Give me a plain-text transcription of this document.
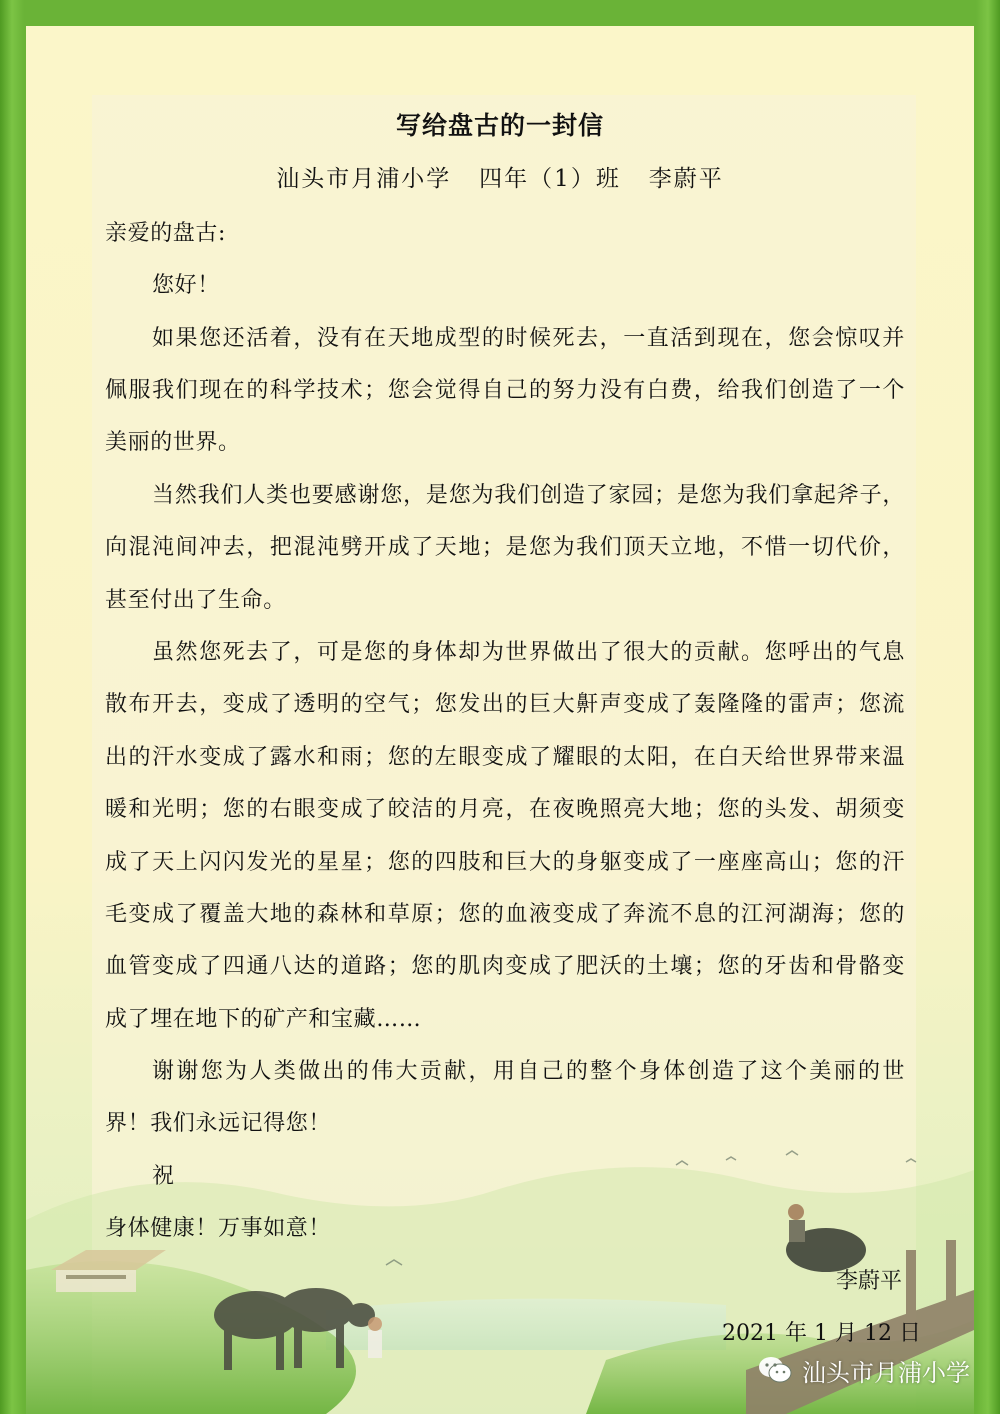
写给盘古的一封信
汕头市月浦小学   四年（1）班   李蔚平
亲爱的盘古:
您好！
如果您还活着，没有在天地成型的时候死去，一直活到现在，您会惊叹并
佩服我们现在的科学技术；您会觉得自己的努力没有白费，给我们创造了一个
美丽的世界。
当然我们人类也要感谢您，是您为我们创造了家园；是您为我们拿起斧子，
向混沌间冲去，把混沌劈开成了天地；是您为我们顶天立地，不惜一切代价，
甚至付出了生命。
虽然您死去了，可是您的身体却为世界做出了很大的贡献。您呼出的气息
散布开去，变成了透明的空气；您发出的巨大鼾声变成了轰隆隆的雷声；您流
出的汗水变成了露水和雨；您的左眼变成了耀眼的太阳，在白天给世界带来温
暖和光明；您的右眼变成了皎洁的月亮，在夜晚照亮大地；您的头发、胡须变
成了天上闪闪发光的星星；您的四肢和巨大的身躯变成了一座座高山；您的汗
毛变成了覆盖大地的森林和草原；您的血液变成了奔流不息的江河湖海；您的
血管变成了四通八达的道路；您的肌肉变成了肥沃的土壤；您的牙齿和骨骼变
成了埋在地下的矿产和宝藏……
谢谢您为人类做出的伟大贡献，用自己的整个身体创造了这个美丽的世
界！我们永远记得您！
祝
身体健康！万事如意！
李蔚平
2021 年 1 月 12 日
汕头市月浦小学
